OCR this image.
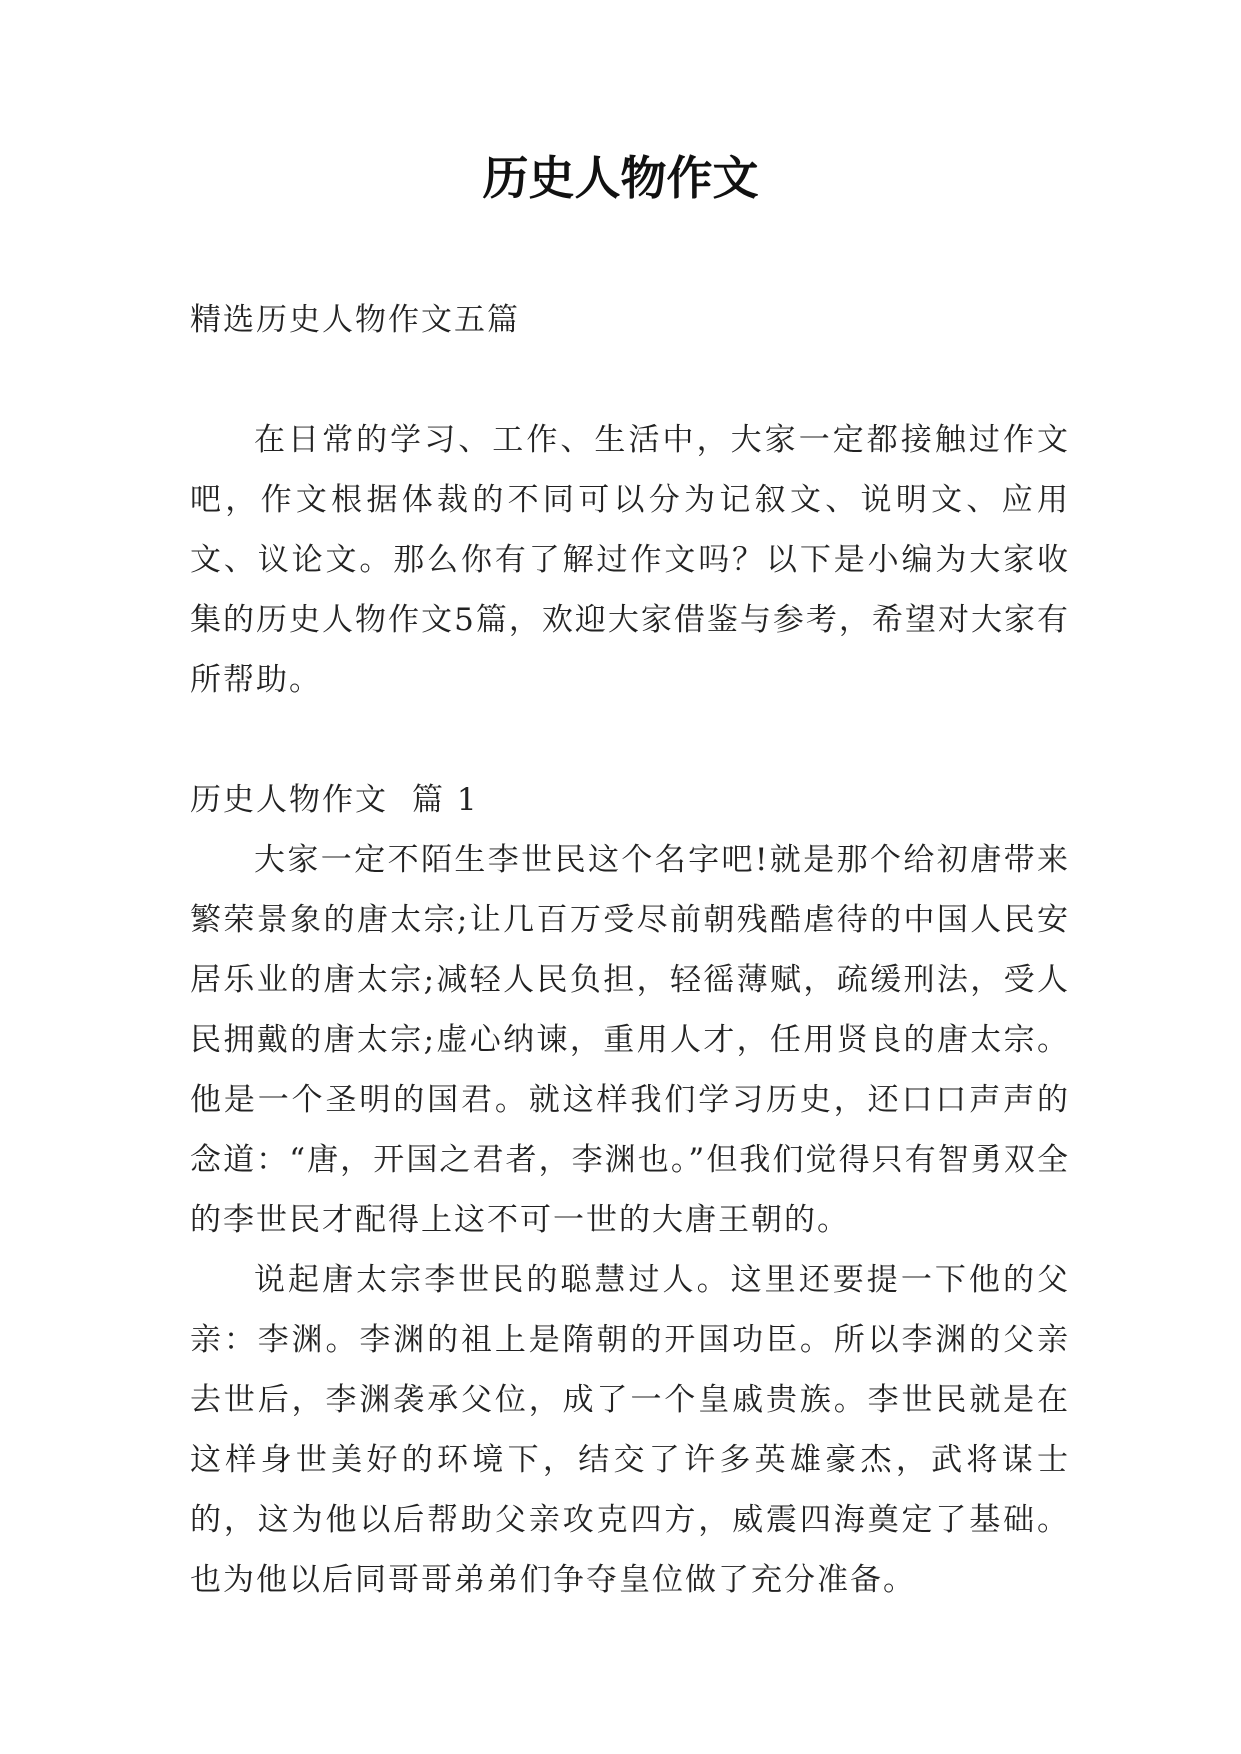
历史人物作文

精选历史人物作文五篇

在日常的学习、工作、生活中，大家一定都接触过作文吧，作文根据体裁的不同可以分为记叙文、说明文、应用文、议论文。那么你有了解过作文吗？以下是小编为大家收集的历史人物作文5篇，欢迎大家借鉴与参考，希望对大家有所帮助。

历史人物作文 篇 1

大家一定不陌生李世民这个名字吧!就是那个给初唐带来繁荣景象的唐太宗;让几百万受尽前朝残酷虐待的中国人民安居乐业的唐太宗;减轻人民负担，轻徭薄赋，疏缓刑法，受人民拥戴的唐太宗;虚心纳谏，重用人才，任用贤良的唐太宗。他是一个圣明的国君。就这样我们学习历史，还口口声声的念道：“唐，开国之君者，李渊也。”但我们觉得只有智勇双全的李世民才配得上这不可一世的大唐王朝的。

说起唐太宗李世民的聪慧过人。这里还要提一下他的父亲：李渊。李渊的祖上是隋朝的开国功臣。所以李渊的父亲去世后，李渊袭承父位，成了一个皇戚贵族。李世民就是在这样身世美好的环境下，结交了许多英雄豪杰，武将谋士的，这为他以后帮助父亲攻克四方，威震四海奠定了基础。也为他以后同哥哥弟弟们争夺皇位做了充分准备。
